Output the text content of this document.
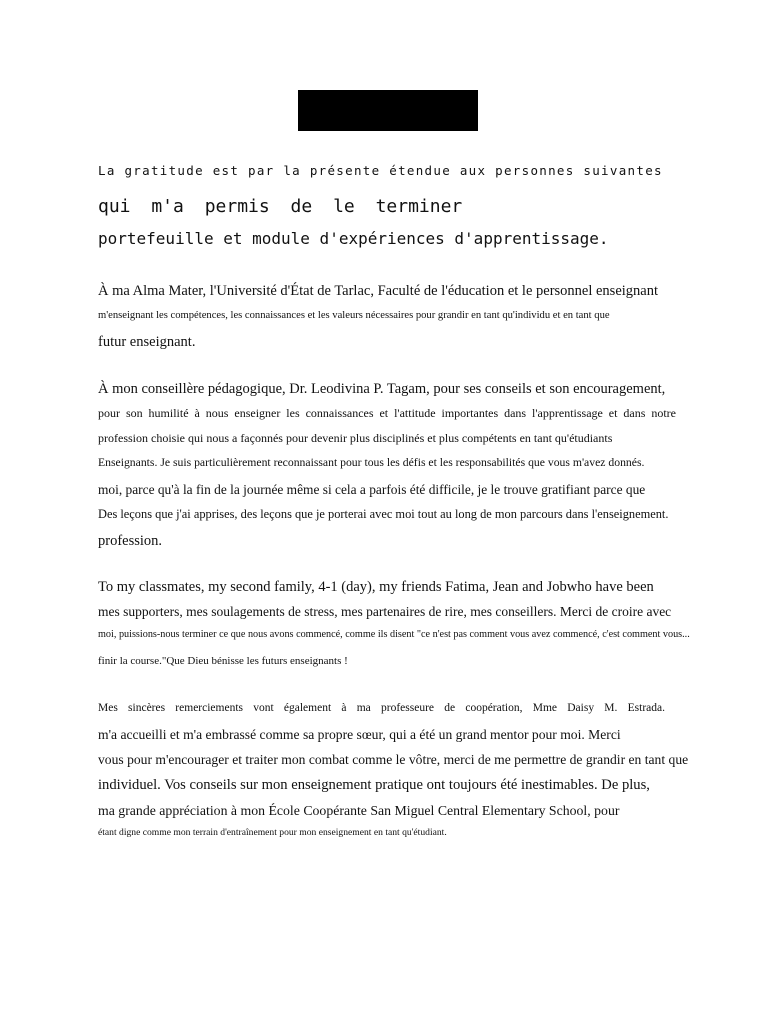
La gratitude est par la présente étendue aux personnes suivantes

qui m'a permis de le terminer

portefeuille et module d'expériences d'apprentissage.

À ma Alma Mater, l'Université d'État de Tarlac, Faculté de l'éducation et le personnel enseignant

m'enseignant les compétences, les connaissances et les valeurs nécessaires pour grandir en tant qu'individu et en tant que

futur enseignant.

À mon conseillère pédagogique, Dr. Leodivina P. Tagam, pour ses conseils et son encouragement,

pour son humilité à nous enseigner les connaissances et l'attitude importantes dans l'apprentissage et dans notre

profession choisie qui nous a façonnés pour devenir plus disciplinés et plus compétents en tant qu'étudiants

Enseignants. Je suis particulièrement reconnaissant pour tous les défis et les responsabilités que vous m'avez donnés.

moi, parce qu'à la fin de la journée même si cela a parfois été difficile, je le trouve gratifiant parce que

Des leçons que j'ai apprises, des leçons que je porterai avec moi tout au long de mon parcours dans l'enseignement.

profession.

To my classmates, my second family, 4-1 (day), my friends Fatima, Jean and Jobwho have been

mes supporters, mes soulagements de stress, mes partenaires de rire, mes conseillers. Merci de croire avec

moi, puissions-nous terminer ce que nous avons commencé, comme ils disent "ce n'est pas comment vous avez commencé, c'est comment vous...

finir la course."Que Dieu bénisse les futurs enseignants !

Mes sincères remerciements vont également à ma professeure de coopération, Mme Daisy M. Estrada.

m'a accueilli et m'a embrassé comme sa propre sœur, qui a été un grand mentor pour moi. Merci

vous pour m'encourager et traiter mon combat comme le vôtre, merci de me permettre de grandir en tant que

individuel. Vos conseils sur mon enseignement pratique ont toujours été inestimables. De plus,

ma grande appréciation à mon École Coopérante San Miguel Central Elementary School, pour

étant digne comme mon terrain d'entraînement pour mon enseignement en tant qu'étudiant.
